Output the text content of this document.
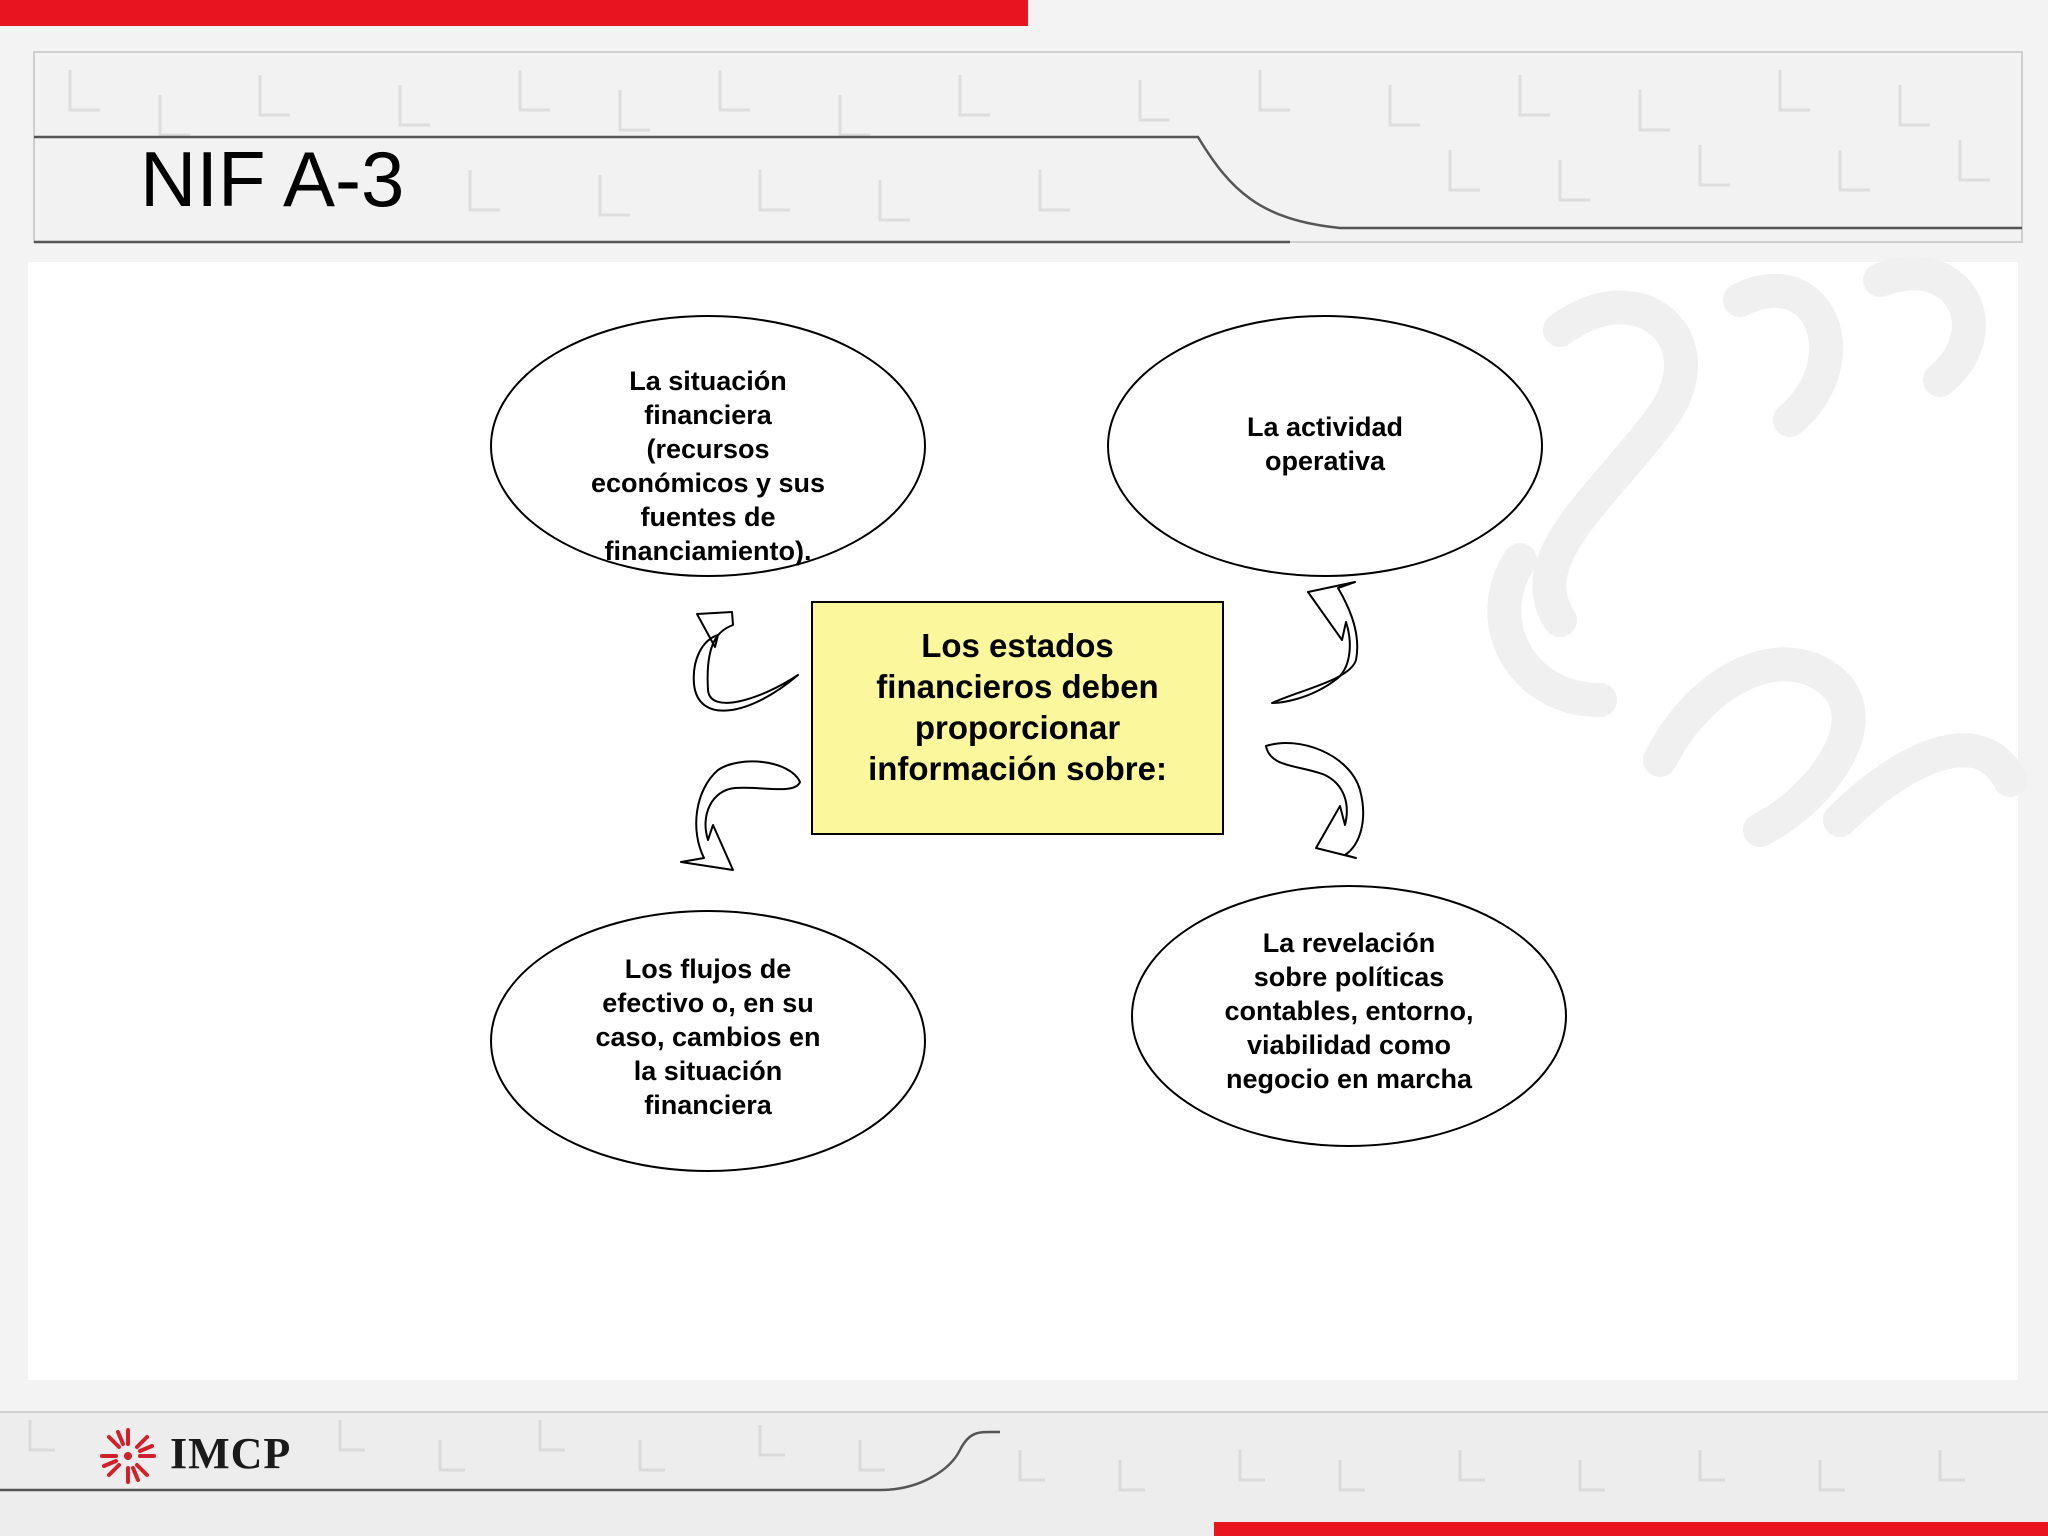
NIF A-3
La situación
financiera
(recursos
económicos y sus
fuentes de
financiamiento).
La actividad
operativa
Los flujos de
efectivo o, en su
caso, cambios en
la situación
financiera
La revelación
sobre políticas
contables, entorno,
viabilidad como
negocio en marcha
Los estados
financieros deben
proporcionar
información sobre:
IMCP
